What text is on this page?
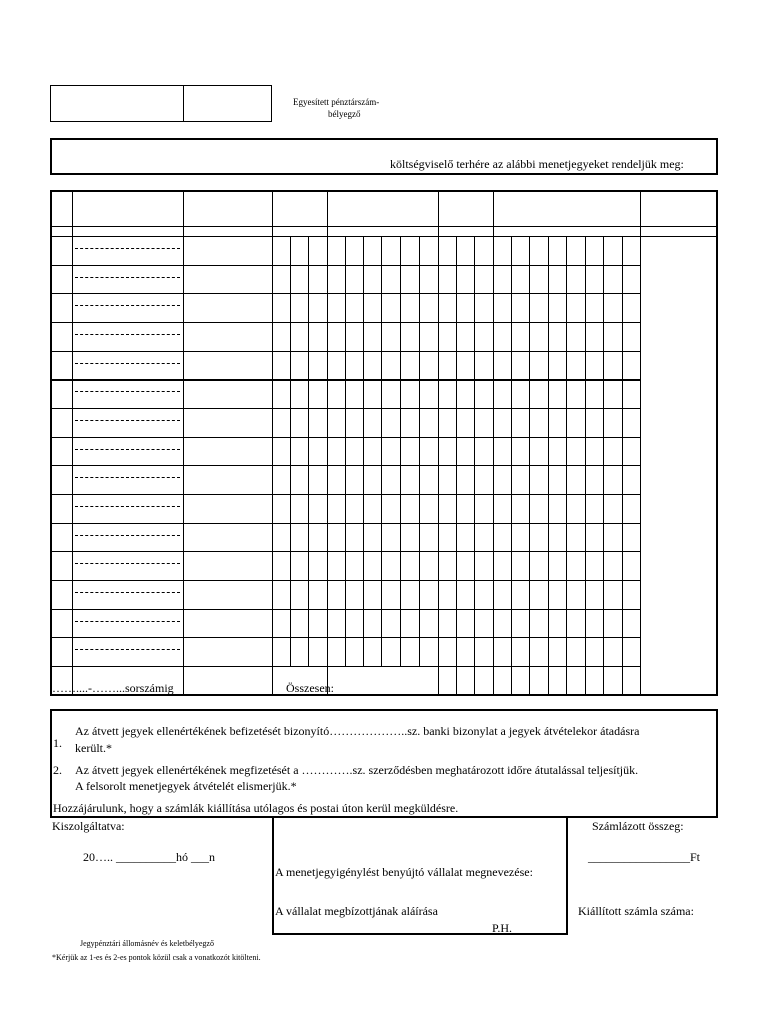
Egyesített pénztárszám-
bélyegző
költségviselő terhére az alábbi menetjegyeket rendeljük meg:
……....-……...sorszámig	Összesen:
1.
Az átvett jegyek ellenértékének befizetését bizonyító………………..sz. banki bizonylat a jegyek átvételekor átadásra
került.*
2. Az átvett jegyek ellenértékének megfizetését a ………….sz. szerződésben meghatározott időre átutalással teljesítjük.
A felsorolt menetjegyek átvételét elismerjük.*
Hozzájárulunk, hogy a számlák kiállítása utólagos és postai úton kerül megküldésre.
Kiszolgáltatva:
20….. __________hó ___n
A menetjegyigénylést benyújtó vállalat megnevezése:
A vállalat megbízottjának aláírása
P.H.
Számlázott összeg:
_________________Ft
Kiállított számla száma:
Jegypénztári állomásnév és keletbélyegző
*Kérjük az 1-es és 2-es pontok közül csak a vonatkozót kitölteni.
